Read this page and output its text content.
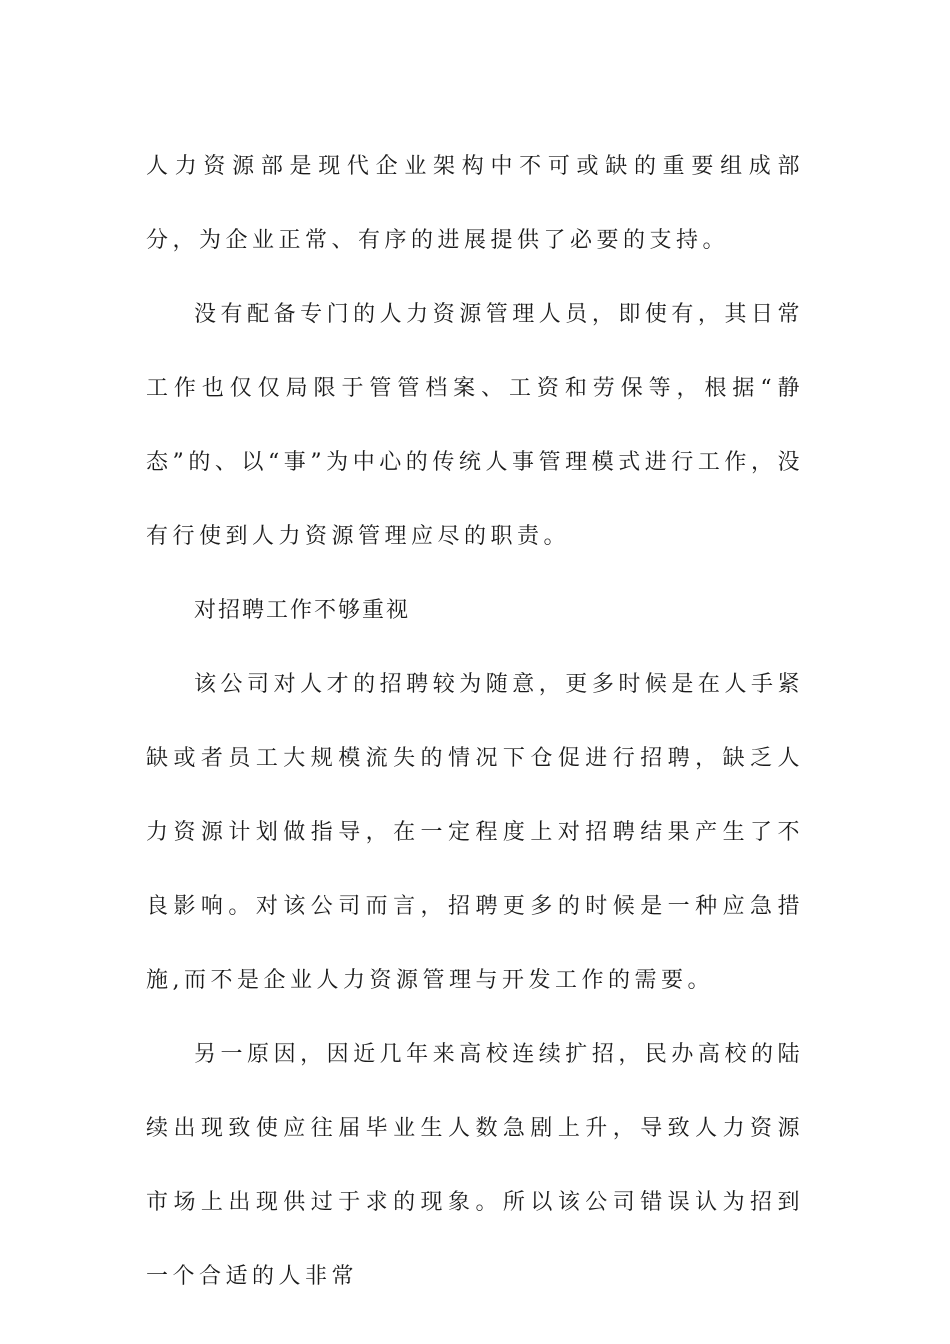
人力资源部是现代企业架构中不可或缺的重要组成部分，为企业正常、有序的进展提供了必要的支持。

没有配备专门的人力资源管理人员，即使有，其日常工作也仅仅局限于管管档案、工资和劳保等，根据“静态”的、以“事”为中心的传统人事管理模式进行工作，没有行使到人力资源管理应尽的职责。

对招聘工作不够重视

该公司对人才的招聘较为随意，更多时候是在人手紧缺或者员工大规模流失的情况下仓促进行招聘，缺乏人力资源计划做指导，在一定程度上对招聘结果产生了不良影响。对该公司而言，招聘更多的时候是一种应急措施,而不是企业人力资源管理与开发工作的需要。

另一原因，因近几年来高校连续扩招，民办高校的陆续出现致使应往届毕业生人数急剧上升，导致人力资源市场上出现供过于求的现象。所以该公司错误认为招到一个合适的人非常
